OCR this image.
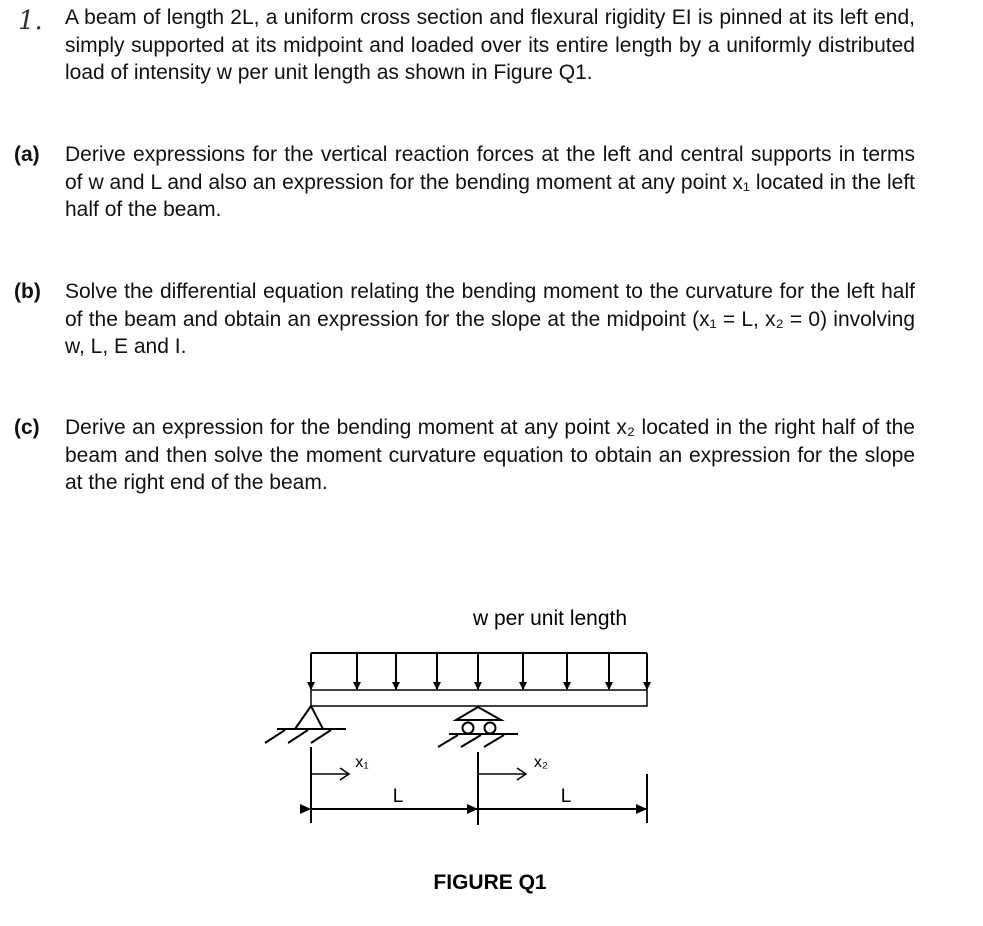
1. A beam of length 2L, a uniform cross section and flexural rigidity EI is pinned at its left end, simply supported at its midpoint and loaded over its entire length by a uniformly distributed load of intensity w per unit length as shown in Figure Q1.
(a) Derive expressions for the vertical reaction forces at the left and central supports in terms of w and L and also an expression for the bending moment at any point x₁ located in the left half of the beam.
(b) Solve the differential equation relating the bending moment to the curvature for the left half of the beam and obtain an expression for the slope at the midpoint (x₁ = L, x₂ = 0) involving w, L, E and I.
(c) Derive an expression for the bending moment at any point x₂ located in the right half of the beam and then solve the moment curvature equation to obtain an expression for the slope at the right end of the beam.
w per unit length
x₁	x₂
L	L
FIGURE Q1
